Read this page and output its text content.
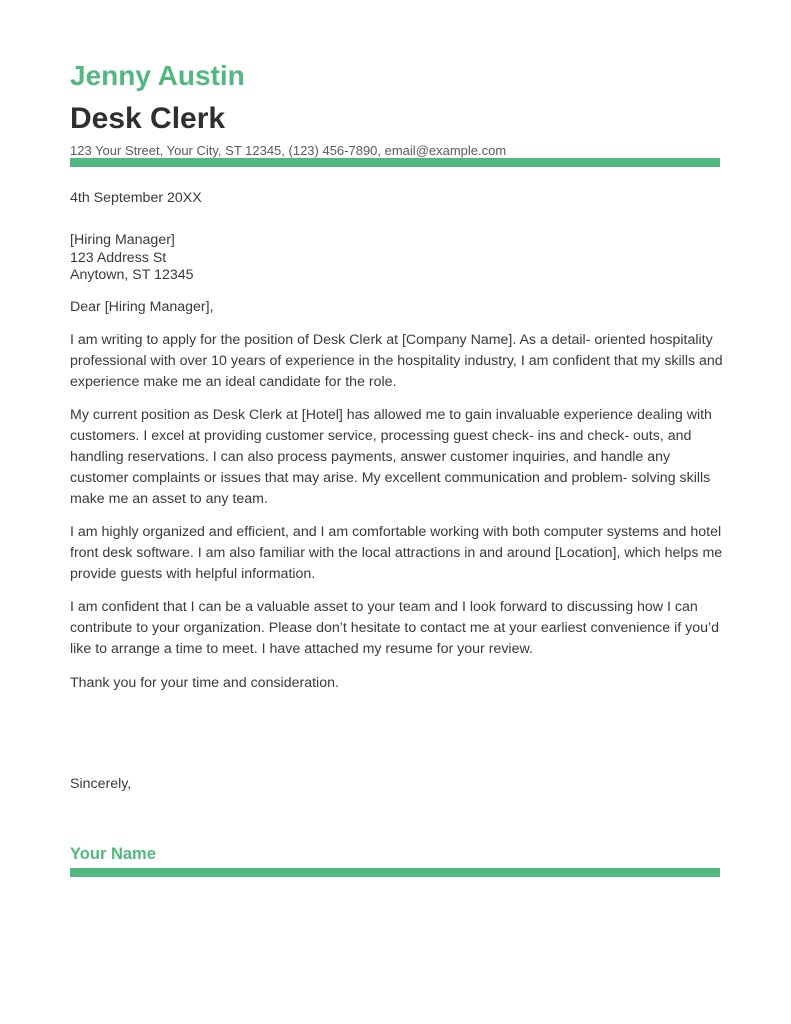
Jenny Austin
Desk Clerk
123 Your Street, Your City, ST 12345, (123) 456-7890, email@example.com
4th September 20XX
[Hiring Manager]
123 Address St
Anytown, ST 12345
Dear [Hiring Manager],

I am writing to apply for the position of Desk Clerk at [Company Name]. As a detail- oriented hospitality professional with over 10 years of experience in the hospitality industry, I am confident that my skills and experience make me an ideal candidate for the role.

My current position as Desk Clerk at [Hotel] has allowed me to gain invaluable experience dealing with customers. I excel at providing customer service, processing guest check- ins and check- outs, and handling reservations. I can also process payments, answer customer inquiries, and handle any customer complaints or issues that may arise. My excellent communication and problem- solving skills make me an asset to any team.

I am highly organized and efficient, and I am comfortable working with both computer systems and hotel front desk software. I am also familiar with the local attractions in and around [Location], which helps me provide guests with helpful information.

I am confident that I can be a valuable asset to your team and I look forward to discussing how I can contribute to your organization. Please don’t hesitate to contact me at your earliest convenience if you’d like to arrange a time to meet. I have attached my resume for your review.

Thank you for your time and consideration.
Sincerely,
Your Name
